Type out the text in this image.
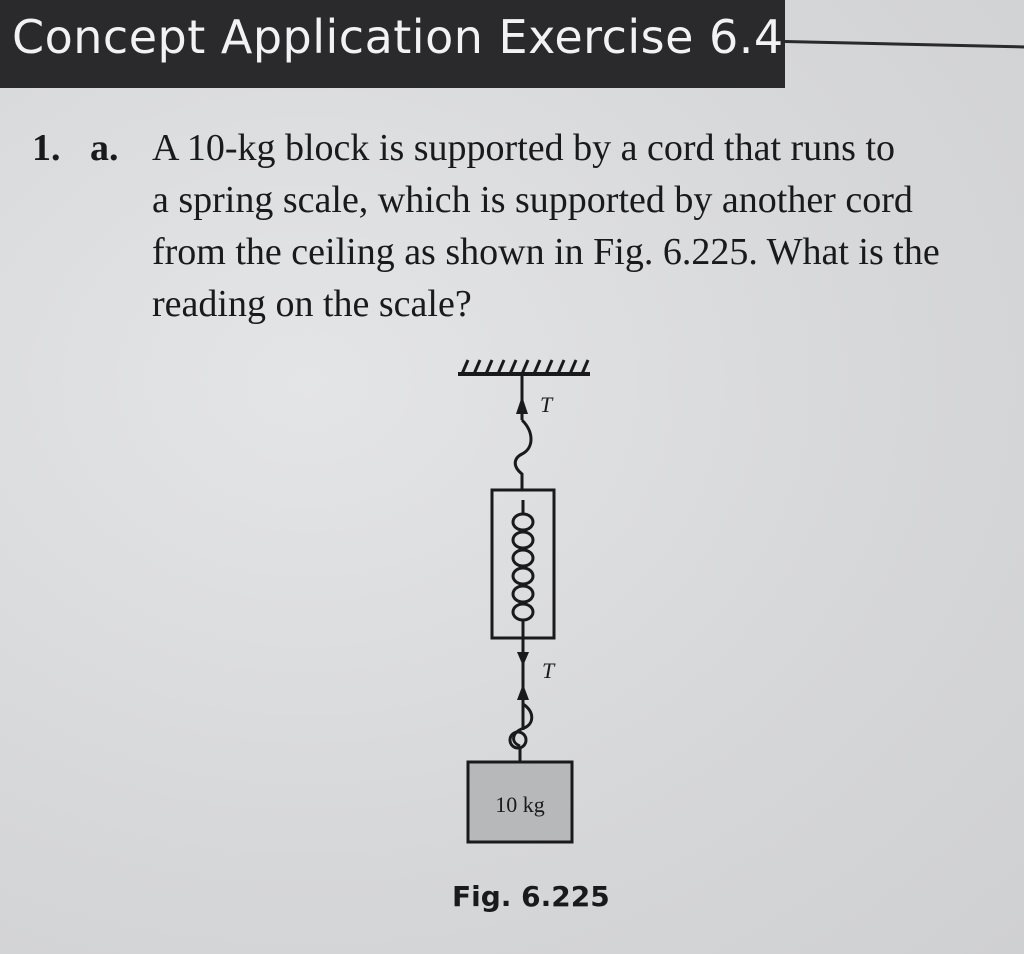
Concept Application Exercise 6.4
1. a. A 10-kg block is supported by a cord that runs to
a spring scale, which is supported by another cord
from the ceiling as shown in Fig. 6.225. What is the
reading on the scale?
T
T
10 kg
Fig. 6.225
